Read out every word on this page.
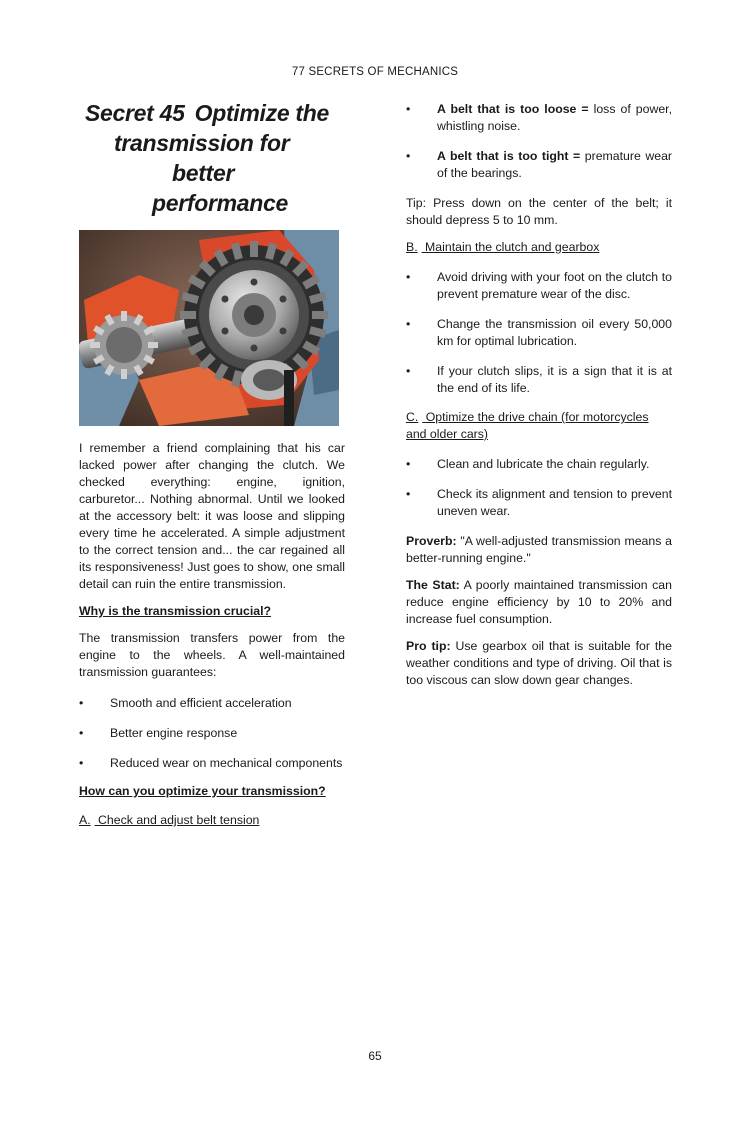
77 SECRETS OF MECHANICS
Secret 45 Optimize the
transmission for
better
performance

I remember a friend complaining that his car lacked power after changing the clutch. We checked everything: engine, ignition, carburetor... Nothing abnormal. Until we looked at the accessory belt: it was loose and slipping every time he accelerated. A simple adjustment to the correct tension and... the car regained all its responsiveness! Just goes to show, one small detail can ruin the entire transmission.

Why is the transmission crucial?

The transmission transfers power from the engine to the wheels. A well-maintained transmission guarantees:

• Smooth and efficient acceleration
• Better engine response
• Reduced wear on mechanical components
How can you optimize your transmission?
A. Check and adjust belt tension
• A belt that is too loose = loss of power, whistling noise.
• A belt that is too tight = premature wear of the bearings.

Tip: Press down on the center of the belt; it should depress 5 to 10 mm.

B. Maintain the clutch and gearbox
• Avoid driving with your foot on the clutch to prevent premature wear of the disc.
• Change the transmission oil every 50,000 km for optimal lubrication.
• If your clutch slips, it is a sign that it is at the end of its life.
C. Optimize the drive chain (for motorcycles and older cars)
• Clean and lubricate the chain regularly.
• Check its alignment and tension to prevent uneven wear.

Proverb: "A well-adjusted transmission means a better-running engine."

The Stat: A poorly maintained transmission can reduce engine efficiency by 10 to 20% and increase fuel consumption.

Pro tip: Use gearbox oil that is suitable for the weather conditions and type of driving. Oil that is too viscous can slow down gear changes.

65
